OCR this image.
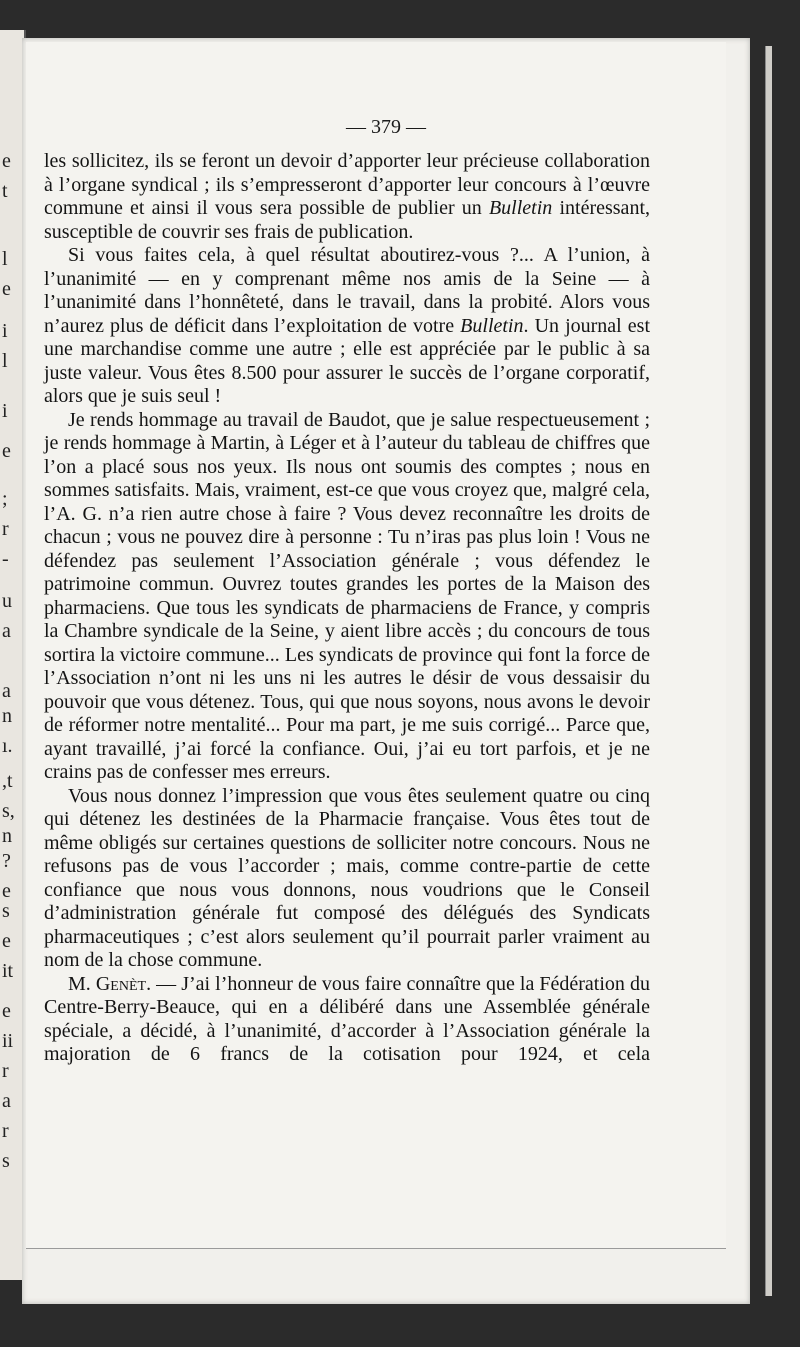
e
t
l
e
i
l
i
e
;
r
-
u
a
a
n
ı.
,t
s,
n
?
e
s
e
it
e
ii
r
a
r
s
— 379 —

les sollicitez, ils se feront un devoir d’apporter leur précieuse collaboration à l’organe syndical ; ils s’empresseront d’apporter leur concours à l’œuvre commune et ainsi il vous sera possible de publier un Bulletin intéressant, susceptible de couvrir ses frais de publication.

Si vous faites cela, à quel résultat aboutirez-vous ?... A l’union, à l’unanimité — en y comprenant même nos amis de la Seine — à l’unanimité dans l’honnêteté, dans le travail, dans la probité. Alors vous n’aurez plus de déficit dans l’exploitation de votre Bulletin. Un journal est une marchandise comme une autre ; elle est appréciée par le public à sa juste valeur. Vous êtes 8.500 pour assurer le succès de l’organe corporatif, alors que je suis seul !

Je rends hommage au travail de Baudot, que je salue respectueusement ; je rends hommage à Martin, à Léger et à l’auteur du tableau de chiffres que l’on a placé sous nos yeux. Ils nous ont soumis des comptes ; nous en sommes satisfaits. Mais, vraiment, est-ce que vous croyez que, malgré cela, l’A. G. n’a rien autre chose à faire ? Vous devez reconnaître les droits de chacun ; vous ne pouvez dire à personne : Tu n’iras pas plus loin ! Vous ne défendez pas seulement l’Association générale ; vous défendez le patrimoine commun. Ouvrez toutes grandes les portes de la Maison des pharmaciens. Que tous les syndicats de pharmaciens de France, y compris la Chambre syndicale de la Seine, y aient libre accès ; du concours de tous sortira la victoire commune... Les syndicats de province qui font la force de l’Association n’ont ni les uns ni les autres le désir de vous dessaisir du pouvoir que vous détenez. Tous, qui que nous soyons, nous avons le devoir de réformer notre mentalité... Pour ma part, je me suis corrigé... Parce que, ayant travaillé, j’ai forcé la confiance. Oui, j’ai eu tort parfois, et je ne crains pas de confesser mes erreurs.

Vous nous donnez l’impression que vous êtes seulement quatre ou cinq qui détenez les destinées de la Pharmacie française. Vous êtes tout de même obligés sur certaines questions de solliciter notre concours. Nous ne refusons pas de vous l’accorder ; mais, comme contre-partie de cette confiance que nous vous donnons, nous voudrions que le Conseil d’administration générale fut composé des délégués des Syndicats pharmaceutiques ; c’est alors seulement qu’il pourrait parler vraiment au nom de la chose commune.

M. Genèt. — J’ai l’honneur de vous faire connaître que la Fédération du Centre-Berry-Beauce, qui en a délibéré dans une Assemblée générale spéciale, a décidé, à l’unanimité, d’accorder à l’Association générale la majoration de 6 francs de la cotisation pour 1924, et cela
